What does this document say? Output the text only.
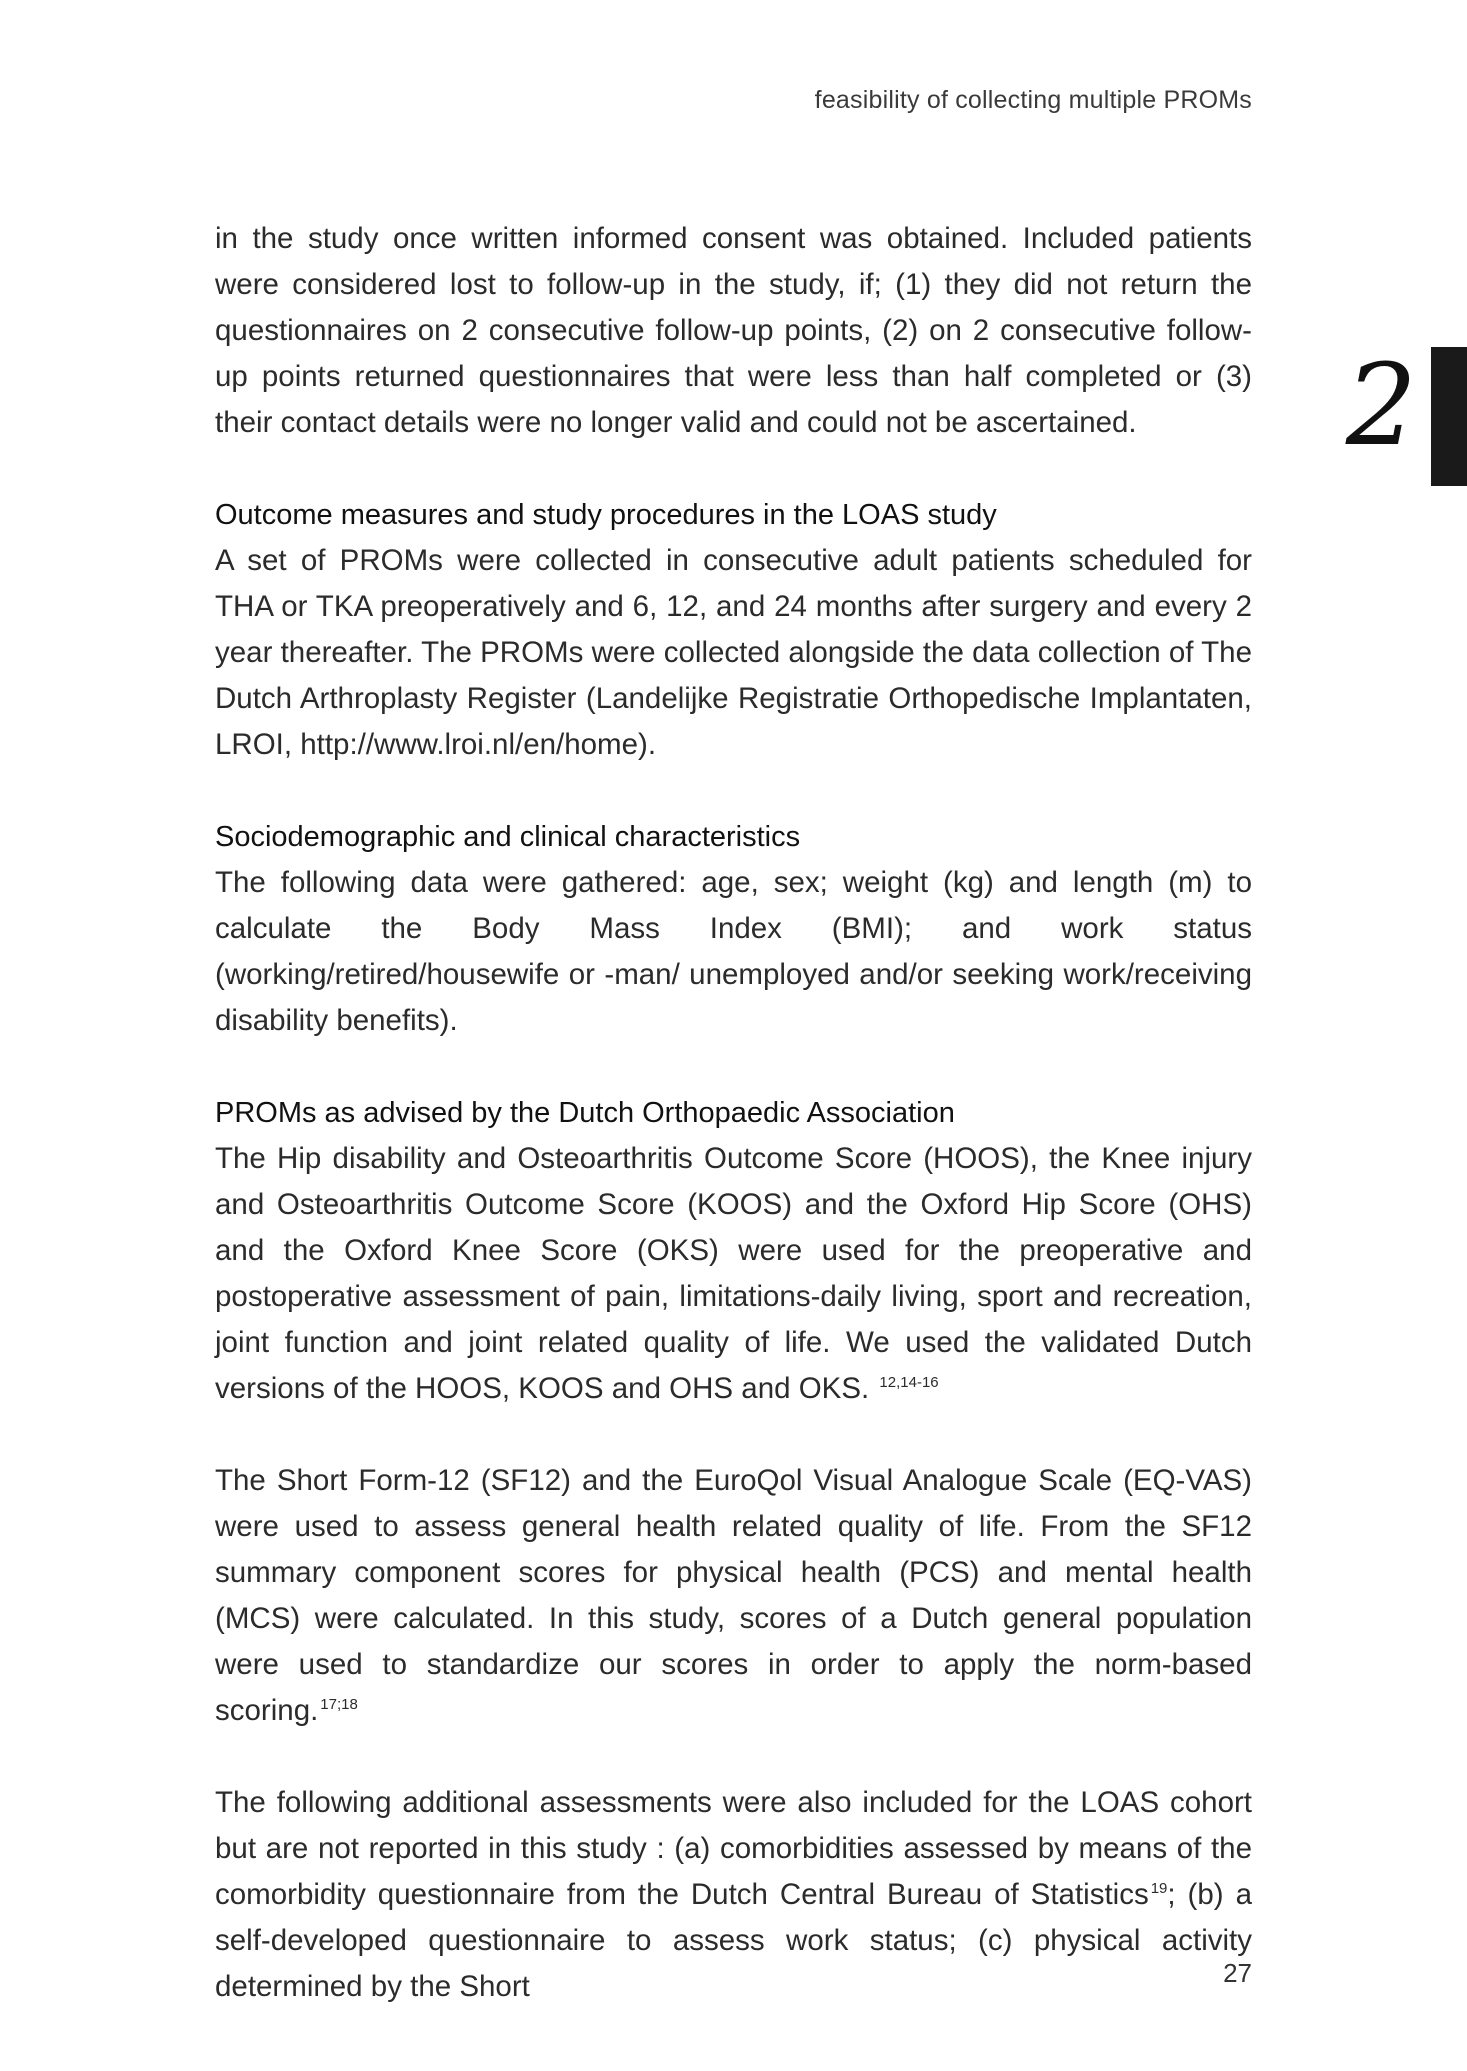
feasibility of collecting multiple PROMs
2

in the study once written informed consent was obtained. Included patients were considered lost to follow-up in the study, if; (1) they did not return the questionnaires on 2 consecutive follow-up points, (2) on 2 consecutive follow-up points returned questionnaires that were less than half completed or (3) their contact details were no longer valid and could not be ascertained.

Outcome measures and study procedures in the LOAS study

A set of PROMs were collected in consecutive adult patients scheduled for THA or TKA preoperatively and 6, 12, and 24 months after surgery and every 2 year thereafter. The PROMs were collected alongside the data collection of The Dutch Arthroplasty Register (Landelijke Registratie Orthopedische Implantaten, LROI, http://www.lroi.nl/en/home).

Sociodemographic and clinical characteristics

The following data were gathered: age, sex; weight (kg) and length (m) to calculate the Body Mass Index (BMI); and work status (working/retired/housewife or -man/ unemployed and/or seeking work/receiving disability benefits).

PROMs as advised by the Dutch Orthopaedic Association

The Hip disability and Osteoarthritis Outcome Score (HOOS), the Knee injury and Osteoarthritis Outcome Score (KOOS) and the Oxford Hip Score (OHS) and the Oxford Knee Score (OKS) were used for the preoperative and postoperative assessment of pain, limitations-daily living, sport and recreation, joint function and joint related quality of life. We used the validated Dutch versions of the HOOS, KOOS and OHS and OKS. $^{12,14-16}$

The Short Form-12 (SF12) and the EuroQol Visual Analogue Scale (EQ-VAS) were used to assess general health related quality of life. From the SF12 summary component scores for physical health (PCS) and mental health (MCS) were calculated. In this study, scores of a Dutch general population were used to standardize our scores in order to apply the norm-based scoring. $^{17;18}$

The following additional assessments were also included for the LOAS cohort but are not reported in this study : (a) comorbidities assessed by means of the comorbidity questionnaire from the Dutch Central Bureau of Statistics $^{19}$; (b) a self-developed questionnaire to assess work status; (c) physical activity determined by the Short	27
